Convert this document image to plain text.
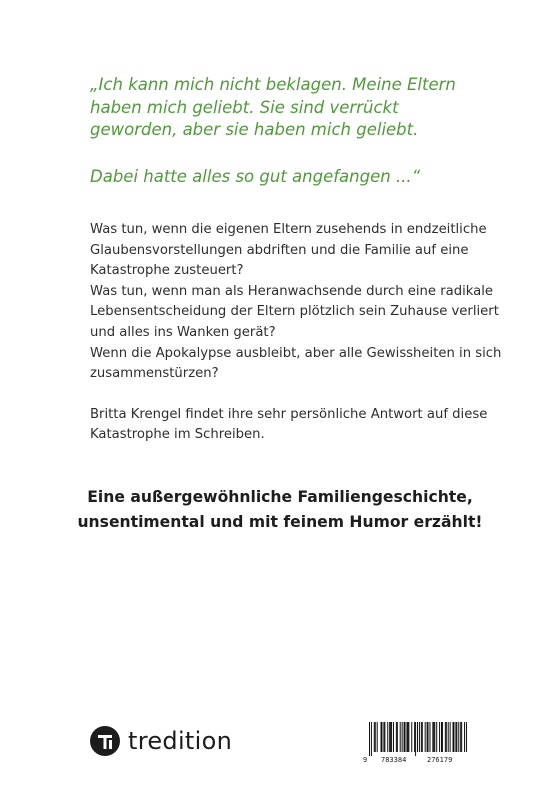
„Ich kann mich nicht beklagen. Meine Eltern haben mich geliebt. Sie sind verrückt geworden, aber sie haben mich geliebt.

Dabei hatte alles so gut angefangen ...“

Was tun, wenn die eigenen Eltern zusehends in endzeitliche Glaubensvorstellungen abdriften und die Familie auf eine Katastrophe zusteuert?

Was tun, wenn man als Heranwachsende durch eine radikale Lebensentscheidung der Eltern plötzlich sein Zuhause verliert und alles ins Wanken gerät?

Wenn die Apokalypse ausbleibt, aber alle Gewissheiten in sich zusammenstürzen?

Britta Krengel findet ihre sehr persönliche Antwort auf diese Katastrophe im Schreiben.

Eine außergewöhnliche Familiengeschichte,

unsentimental und mit feinem Humor erzählt!

tredition
9 783384	276179
